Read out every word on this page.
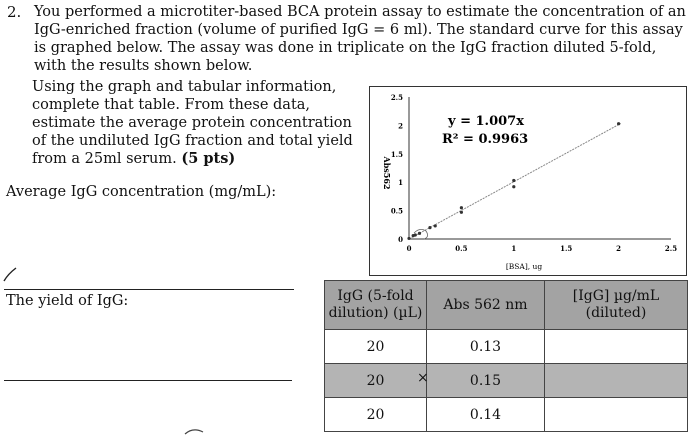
2. You performed a microtiter-based BCA protein assay to estimate the concentration of an IgG-enriched fraction (volume of purified IgG = 6 ml). The standard curve for this assay is graphed below. The assay was done in triplicate on the IgG fraction diluted 5-fold, with the results shown below.
Using the graph and tabular information, complete that table. From these data, estimate the average protein concentration of the undiluted IgG fraction and total yield from a 25ml serum. (5 pts)
Average IgG concentration (mg/mL):
The yield of IgG:
0	0.5	1	1.5	2	2.5
0
0.5
1
1.5
2
2.5
y = 1.007x
R² = 0.9963
[BSA], ug
Abs562
IgG (5-fold dilution) (µL)	Abs 562 nm	[IgG] µg/mL (diluted)
20	0.13	
20	× 0.15	
20	0.14	
